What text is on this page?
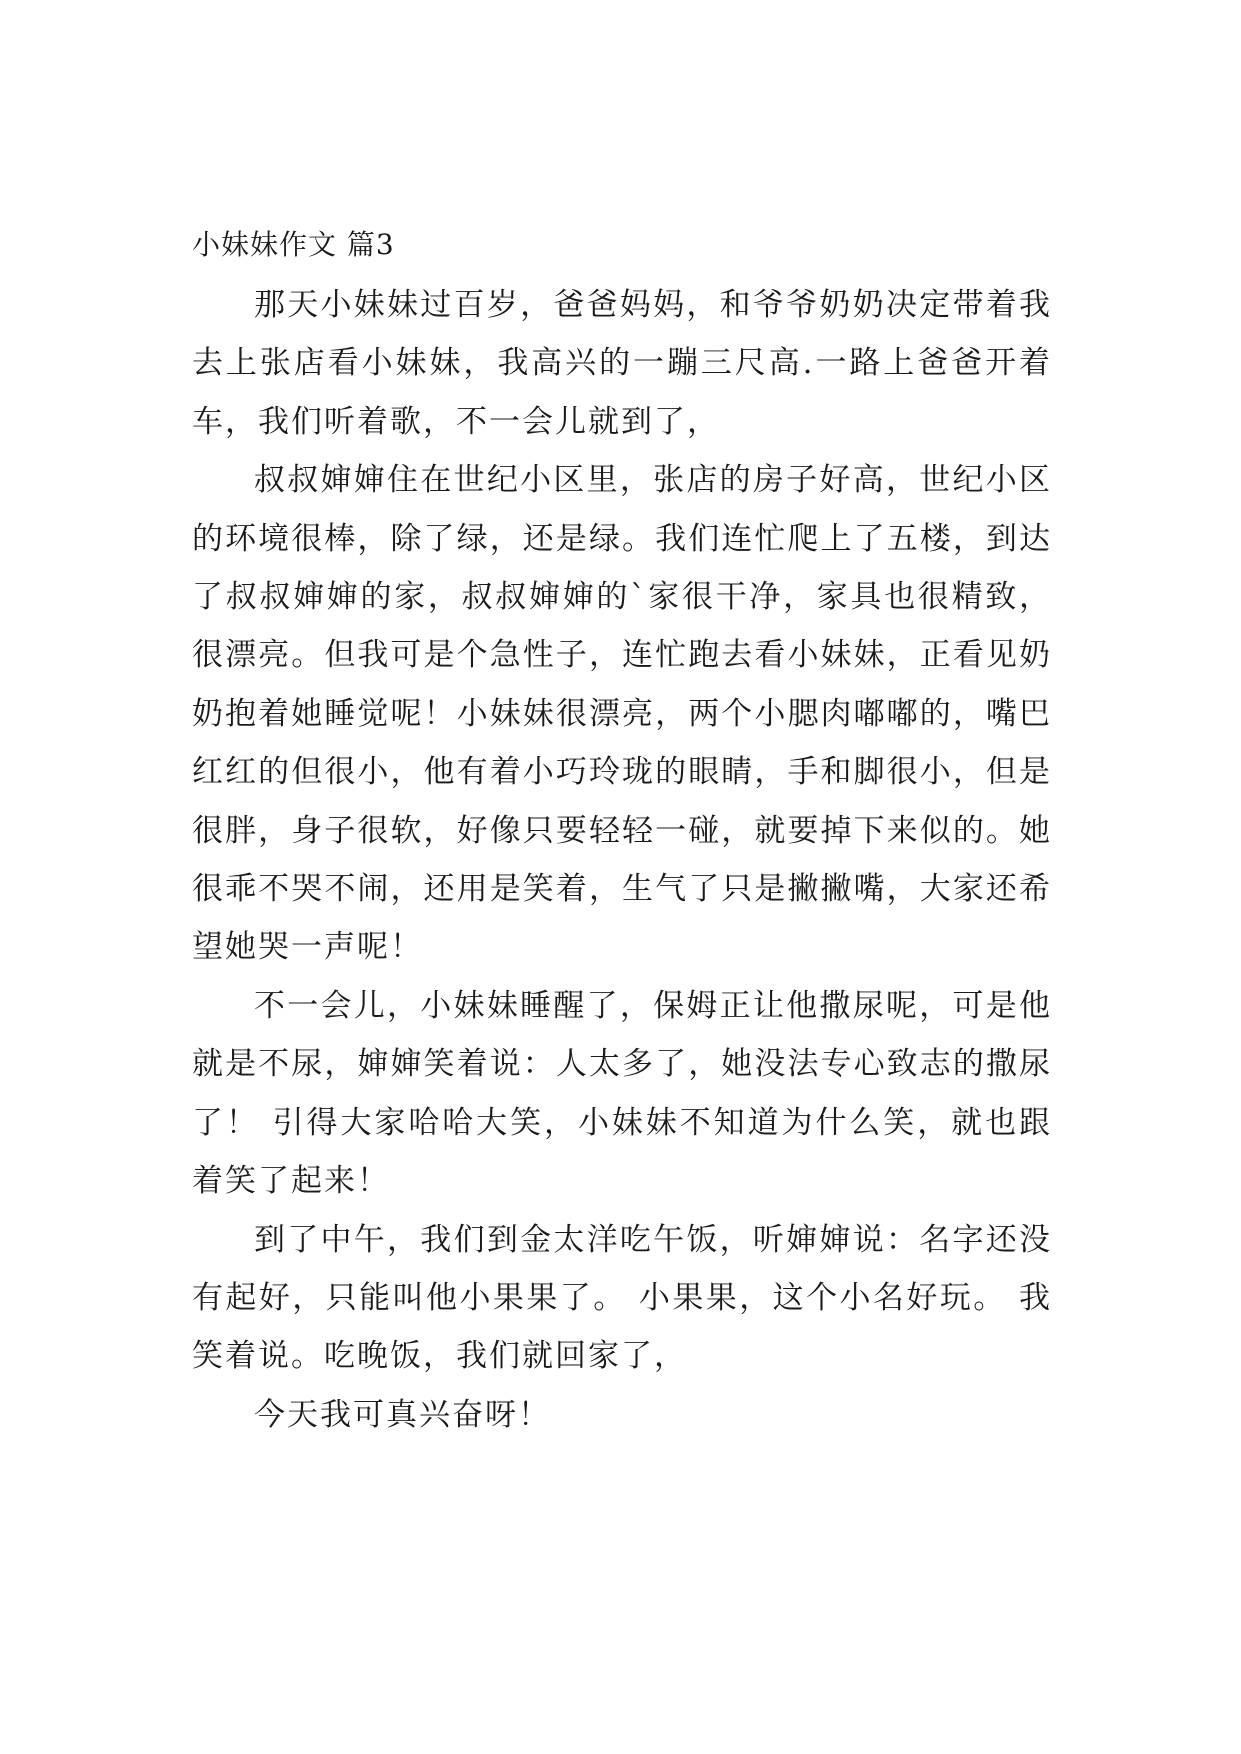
小妹妹作文 篇3

那天小妹妹过百岁，爸爸妈妈，和爷爷奶奶决定带着我去上张店看小妹妹，我高兴的一蹦三尺高.一路上爸爸开着车，我们听着歌，不一会儿就到了，

叔叔婶婶住在世纪小区里，张店的房子好高，世纪小区的环境很棒，除了绿，还是绿。我们连忙爬上了五楼，到达了叔叔婶婶的家，叔叔婶婶的`家很干净，家具也很精致，很漂亮。但我可是个急性子，连忙跑去看小妹妹，正看见奶奶抱着她睡觉呢！小妹妹很漂亮，两个小腮肉嘟嘟的，嘴巴红红的但很小，他有着小巧玲珑的眼睛，手和脚很小，但是很胖，身子很软，好像只要轻轻一碰，就要掉下来似的。她很乖不哭不闹，还用是笑着，生气了只是撇撇嘴，大家还希望她哭一声呢！

不一会儿，小妹妹睡醒了，保姆正让他撒尿呢，可是他就是不尿，婶婶笑着说：人太多了，她没法专心致志的撒尿了！ 引得大家哈哈大笑，小妹妹不知道为什么笑，就也跟着笑了起来！

到了中午，我们到金太洋吃午饭，听婶婶说：名字还没有起好，只能叫他小果果了。 小果果，这个小名好玩。 我笑着说。吃晚饭，我们就回家了，

今天我可真兴奋呀！
